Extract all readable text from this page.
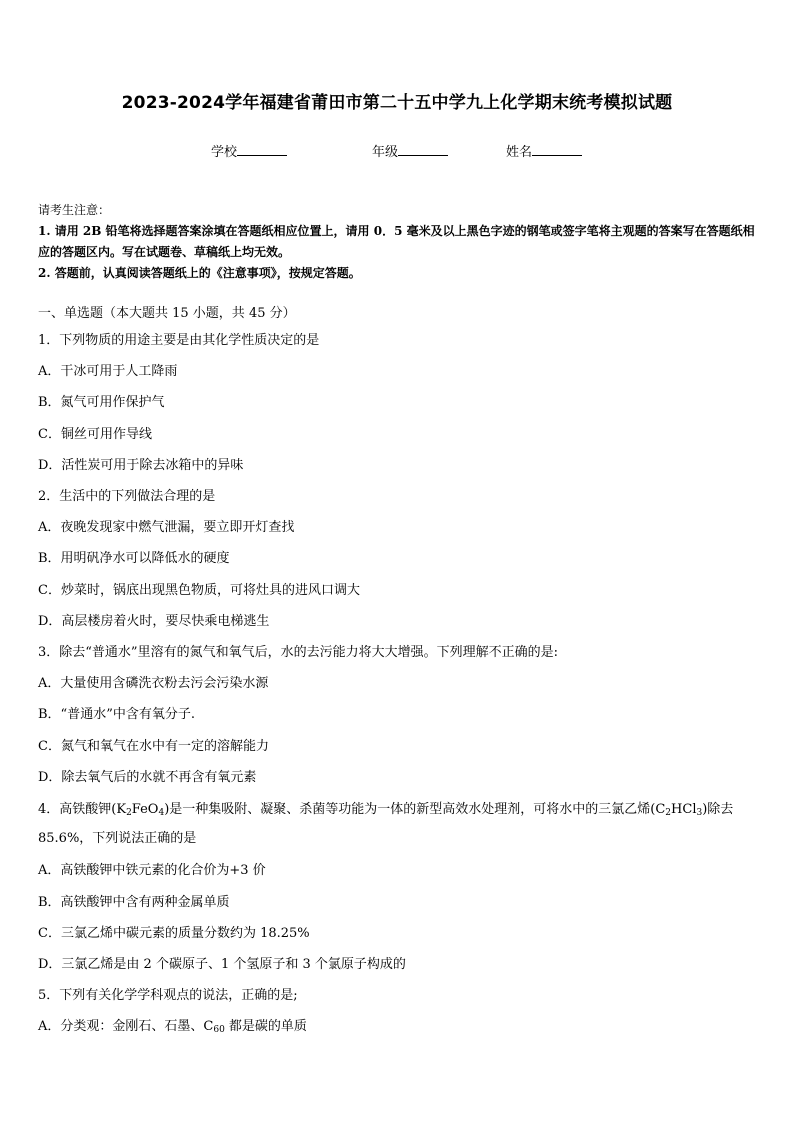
2023-2024学年福建省莆田市第二十五中学九上化学期末统考模拟试题
学校	年级	姓名
请考生注意：
1. 请用 2B 铅笔将选择题答案涂填在答题纸相应位置上，请用 0．5 毫米及以上黑色字迹的钢笔或签字笔将主观题的答案写在答题纸相应的答题区内。写在试题卷、草稿纸上均无效。
2. 答题前，认真阅读答题纸上的《注意事项》，按规定答题。
一、单选题（本大题共 15 小题，共 45 分）
1．下列物质的用途主要是由其化学性质决定的是
A．干冰可用于人工降雨
B．氮气可用作保护气
C．铜丝可用作导线
D．活性炭可用于除去冰箱中的异味
2．生活中的下列做法合理的是
A．夜晚发现家中燃气泄漏，要立即开灯查找
B．用明矾净水可以降低水的硬度
C．炒菜时，锅底出现黑色物质，可将灶具的进风口调大
D．高层楼房着火时，要尽快乘电梯逃生
3．除去“普通水”里溶有的氮气和氧气后，水的去污能力将大大增强。下列理解不正确的是:
A．大量使用含磷洗衣粉去污会污染水源
B．“普通水”中含有氧分子.
C．氮气和氧气在水中有一定的溶解能力
D．除去氧气后的水就不再含有氧元素
4．高铁酸钾$(K_2FeO_4)$是一种集吸附、凝聚、杀菌等功能为一体的新型高效水处理剂，可将水中的三氯乙烯$(C_2HCl_3)$除去 85.6%，下列说法正确的是
A．高铁酸钾中铁元素的化合价为+3 价
B．高铁酸钾中含有两种金属单质
C．三氯乙烯中碳元素的质量分数约为 18.25%
D．三氯乙烯是由 2 个碳原子、1 个氢原子和 3 个氯原子构成的
5．下列有关化学学科观点的说法，正确的是;
A．分类观：金刚石、石墨、$C_{60}$ 都是碳的单质
